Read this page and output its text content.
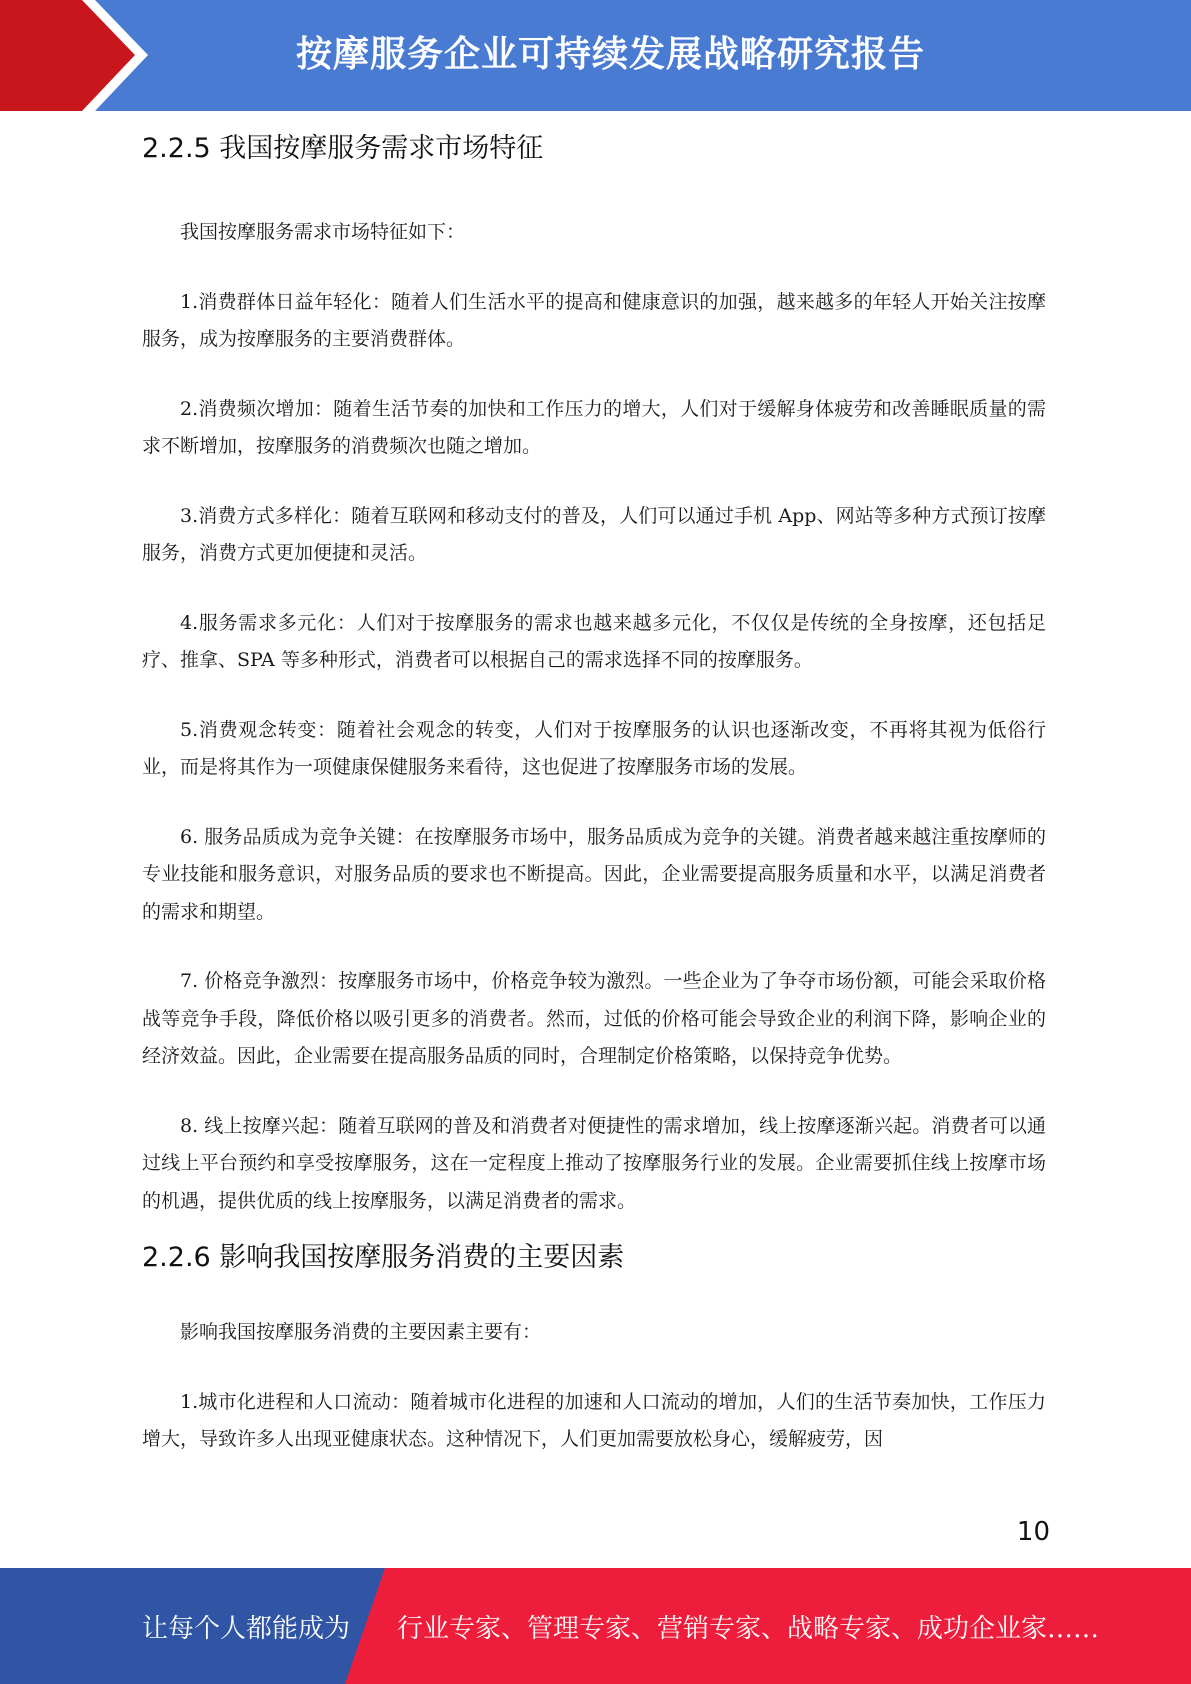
按摩服务企业可持续发展战略研究报告
2.2.5 我国按摩服务需求市场特征

我国按摩服务需求市场特征如下：

1.消费群体日益年轻化：随着人们生活水平的提高和健康意识的加强，越来越多的年轻人开始关注按摩服务，成为按摩服务的主要消费群体。

2.消费频次增加：随着生活节奏的加快和工作压力的增大，人们对于缓解身体疲劳和改善睡眠质量的需求不断增加，按摩服务的消费频次也随之增加。

3.消费方式多样化：随着互联网和移动支付的普及，人们可以通过手机 App、网站等多种方式预订按摩服务，消费方式更加便捷和灵活。

4.服务需求多元化：人们对于按摩服务的需求也越来越多元化，不仅仅是传统的全身按摩，还包括足疗、推拿、SPA 等多种形式，消费者可以根据自己的需求选择不同的按摩服务。

5.消费观念转变：随着社会观念的转变，人们对于按摩服务的认识也逐渐改变，不再将其视为低俗行业，而是将其作为一项健康保健服务来看待，这也促进了按摩服务市场的发展。

6. 服务品质成为竞争关键：在按摩服务市场中，服务品质成为竞争的关键。消费者越来越注重按摩师的专业技能和服务意识，对服务品质的要求也不断提高。因此，企业需要提高服务质量和水平，以满足消费者的需求和期望。

7. 价格竞争激烈：按摩服务市场中，价格竞争较为激烈。一些企业为了争夺市场份额，可能会采取价格战等竞争手段，降低价格以吸引更多的消费者。然而，过低的价格可能会导致企业的利润下降，影响企业的经济效益。因此，企业需要在提高服务品质的同时，合理制定价格策略，以保持竞争优势。

8. 线上按摩兴起：随着互联网的普及和消费者对便捷性的需求增加，线上按摩逐渐兴起。消费者可以通过线上平台预约和享受按摩服务，这在一定程度上推动了按摩服务行业的发展。企业需要抓住线上按摩市场的机遇，提供优质的线上按摩服务，以满足消费者的需求。

2.2.6 影响我国按摩服务消费的主要因素

影响我国按摩服务消费的主要因素主要有：

1.城市化进程和人口流动：随着城市化进程的加速和人口流动的增加，人们的生活节奏加快，工作压力增大，导致许多人出现亚健康状态。这种情况下，人们更加需要放松身心，缓解疲劳，因

10
让每个人都能成为 行业专家、管理专家、营销专家、战略专家、成功企业家……
